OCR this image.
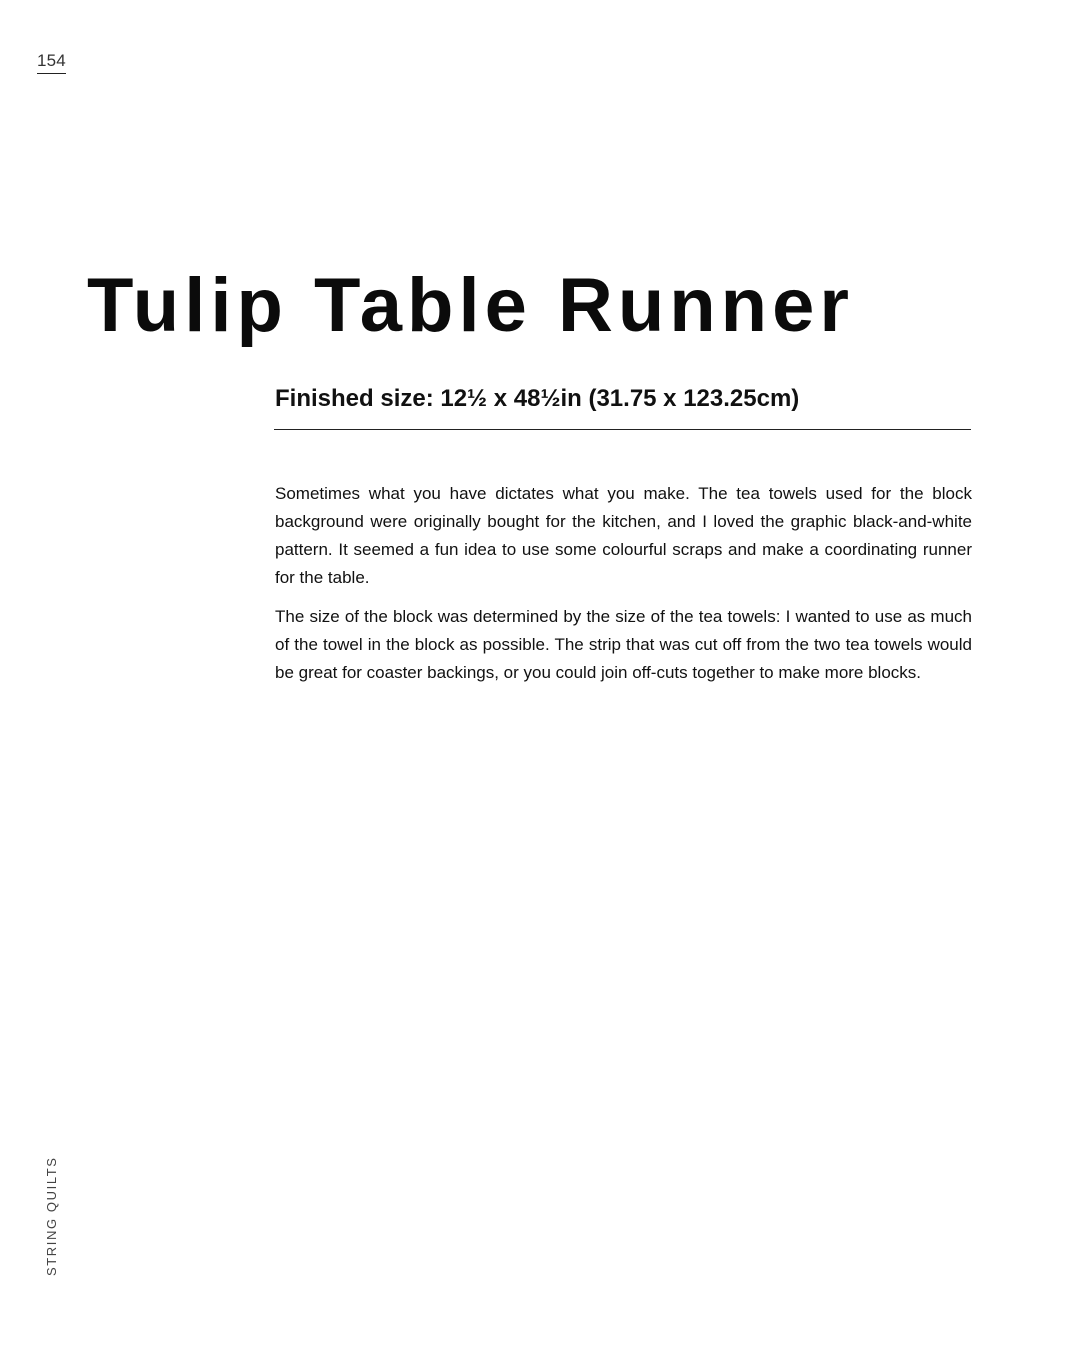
154
Tulip Table Runner
Finished size: 12½ x 48½in (31.75 x 123.25cm)

Sometimes what you have dictates what you make. The tea towels used for the block background were originally bought for the kitchen, and I loved the graphic black-and-white pattern. It seemed a fun idea to use some colourful scraps and make a coordinating runner for the table.

The size of the block was determined by the size of the tea towels: I wanted to use as much of the towel in the block as possible. The strip that was cut off from the two tea towels would be great for coaster backings, or you could join off-cuts together to make more blocks.

STRING QUILTS
